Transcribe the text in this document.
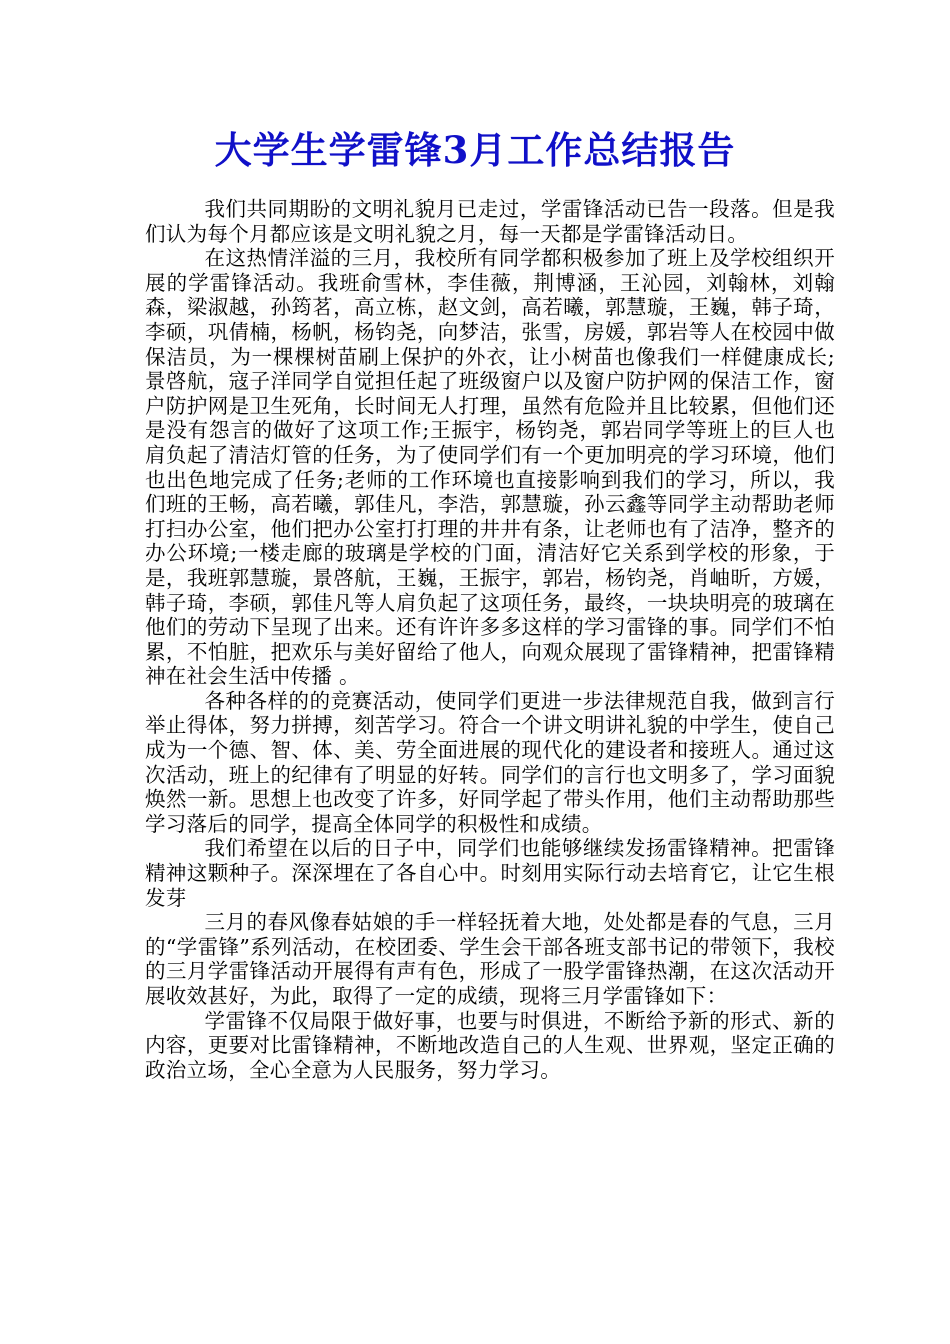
大学生学雷锋3月工作总结报告

我们共同期盼的文明礼貌月已走过，学雷锋活动已告一段落。但是我们认为每个月都应该是文明礼貌之月，每一天都是学雷锋活动日。

在这热情洋溢的三月，我校所有同学都积极参加了班上及学校组织开展的学雷锋活动。我班俞雪林，李佳薇，荆博涵，王沁园，刘翰林，刘翰森，梁淑越，孙筠茗，高立栋，赵文剑，高若曦，郭慧璇，王巍，韩子琦，李硕，巩倩楠，杨帆，杨钧尧，向梦洁，张雪，房媛，郭岩等人在校园中做保洁员，为一棵棵树苗刷上保护的外衣，让小树苗也像我们一样健康成长;景啓航，寇子洋同学自觉担任起了班级窗户以及窗户防护网的保洁工作，窗户防护网是卫生死角，长时间无人打理，虽然有危险并且比较累，但他们还是没有怨言的做好了这项工作;王振宇，杨钧尧，郭岩同学等班上的巨人也肩负起了清洁灯管的任务，为了使同学们有一个更加明亮的学习环境，他们也出色地完成了任务;老师的工作环境也直接影响到我们的学习，所以，我们班的王畅，高若曦，郭佳凡，李浩，郭慧璇，孙云鑫等同学主动帮助老师打扫办公室，他们把办公室打打理的井井有条，让老师也有了洁净，整齐的办公环境;一楼走廊的玻璃是学校的门面，清洁好它关系到学校的形象，于是，我班郭慧璇，景啓航，王巍，王振宇，郭岩，杨钧尧，肖岫昕，方媛，韩子琦，李硕，郭佳凡等人肩负起了这项任务，最终，一块块明亮的玻璃在他们的劳动下呈现了出来。还有许许多多这样的学习雷锋的事。同学们不怕累，不怕脏，把欢乐与美好留给了他人，向观众展现了雷锋精神，把雷锋精神在社会生活中传播 。

各种各样的的竞赛活动，使同学们更进一步法律规范自我，做到言行举止得体，努力拼搏，刻苦学习。符合一个讲文明讲礼貌的中学生，使自己成为一个德、智、体、美、劳全面进展的现代化的建设者和接班人。通过这次活动，班上的纪律有了明显的好转。同学们的言行也文明多了，学习面貌焕然一新。思想上也改变了许多，好同学起了带头作用，他们主动帮助那些学习落后的同学，提高全体同学的积极性和成绩。

我们希望在以后的日子中，同学们也能够继续发扬雷锋精神。把雷锋精神这颗种子。深深埋在了各自心中。时刻用实际行动去培育它，让它生根发芽

三月的春风像春姑娘的手一样轻抚着大地，处处都是春的气息，三月的“学雷锋”系列活动，在校团委、学生会干部各班支部书记的带领下，我校的三月学雷锋活动开展得有声有色，形成了一股学雷锋热潮，在这次活动开展收效甚好，为此，取得了一定的成绩，现将三月学雷锋如下：

学雷锋不仅局限于做好事，也要与时俱进，不断给予新的形式、新的内容，更要对比雷锋精神，不断地改造自己的人生观、世界观，坚定正确的政治立场，全心全意为人民服务，努力学习。
